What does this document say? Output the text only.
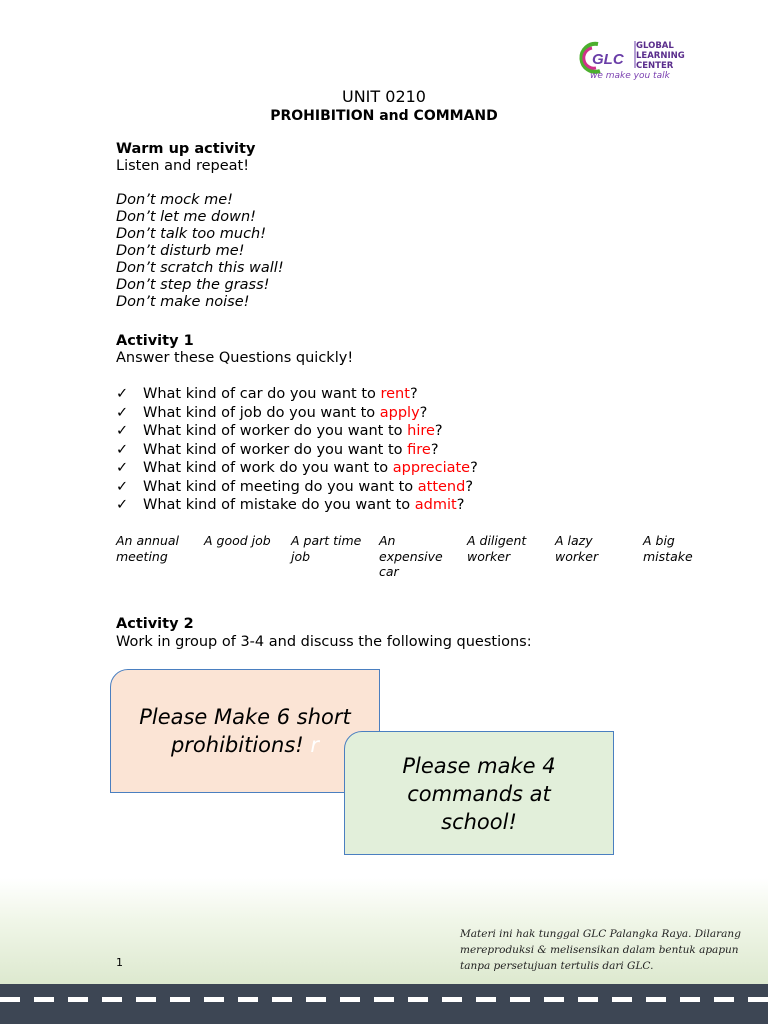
GLC
GLOBAL
LEARNING
CENTER
we make you talk
UNIT 0210
PROHIBITION and COMMAND
Warm up activity
Listen and repeat!
Don’t mock me!
Don’t let me down!
Don’t talk too much!
Don’t disturb me!
Don’t scratch this wall!
Don’t step the grass!
Don’t make noise!
Activity 1
Answer these Questions quickly!
✓ What kind of car do you want to rent?
✓ What kind of job do you want to apply?
✓ What kind of worker do you want to hire?
✓ What kind of worker do you want to fire?
✓ What kind of work do you want to appreciate?
✓ What kind of meeting do you want to attend?
✓ What kind of mistake do you want to admit?
An annual
meeting
A good job A part time
job
An
expensive
car
A diligent
worker
A lazy
worker
A big
mistake
Activity 2
Work in group of 3-4 and discuss the following questions:
Please Make 6 short
prohibitions! r
Please make 4
commands at
school!
1
Materi ini hak tunggal GLC Palangka Raya. Dilarang
mereproduksi & melisensikan dalam bentuk apapun
tanpa persetujuan tertulis dari GLC.
